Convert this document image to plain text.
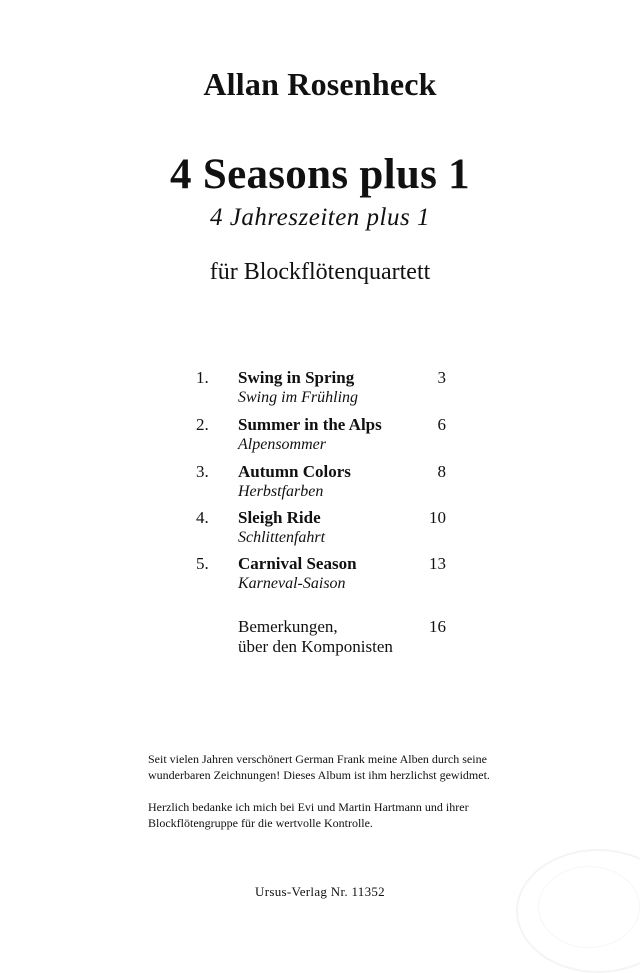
Allan Rosenheck
4 Seasons plus 1
4 Jahreszeiten plus 1
für Blockflötenquartett
1. Swing in Spring
Swing im Frühling
3
2. Summer in the Alps
Alpensommer
6
3. Autumn Colors
Herbstfarben
8
4. Sleigh Ride
Schlittenfahrt
10
5. Carnival Season
Karneval-Saison
13
Bemerkungen,
über den Komponisten
16

Seit vielen Jahren verschönert German Frank meine Alben durch seine wunderbaren Zeichnungen! Dieses Album ist ihm herzlichst gewidmet.

Herzlich bedanke ich mich bei Evi und Martin Hartmann und ihrer Blockflötengruppe für die wertvolle Kontrolle.

Ursus-Verlag Nr. 11352
